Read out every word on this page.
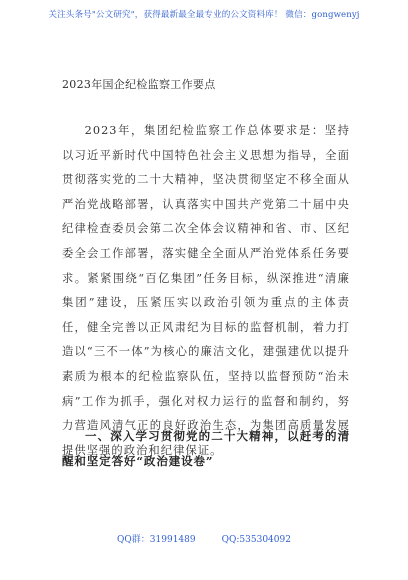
关注头条号"公文研究"，获得最新最全最专业的公文资料库！ 微信：gongwenyj
2023年国企纪检监察工作要点

2023年，集团纪检监察工作总体要求是：坚持以习近平新时代中国特色社会主义思想为指导，全面贯彻落实党的二十大精神，坚决贯彻坚定不移全面从严治党战略部署，认真落实中国共产党第二十届中央纪律检查委员会第二次全体会议精神和省、市、区纪委全会工作部署，落实健全全面从严治党体系任务要求。紧紧围绕“百亿集团”任务目标，纵深推进“清廉集团”建设，压紧压实以政治引领为重点的主体责任，健全完善以正风肃纪为目标的监督机制，着力打造以“三不一体”为核心的廉洁文化，建强建优以提升素质为根本的纪检监察队伍，坚持以监督预防“治未病”工作为抓手，强化对权力运行的监督和制约，努力营造风清气正的良好政治生态，为集团高质量发展提供坚强的政治和纪律保证。

一、深入学习贯彻党的二十大精神，以赶考的清醒和坚定答好“政治建设卷”

QQ群：31991489	QQ:535304092
